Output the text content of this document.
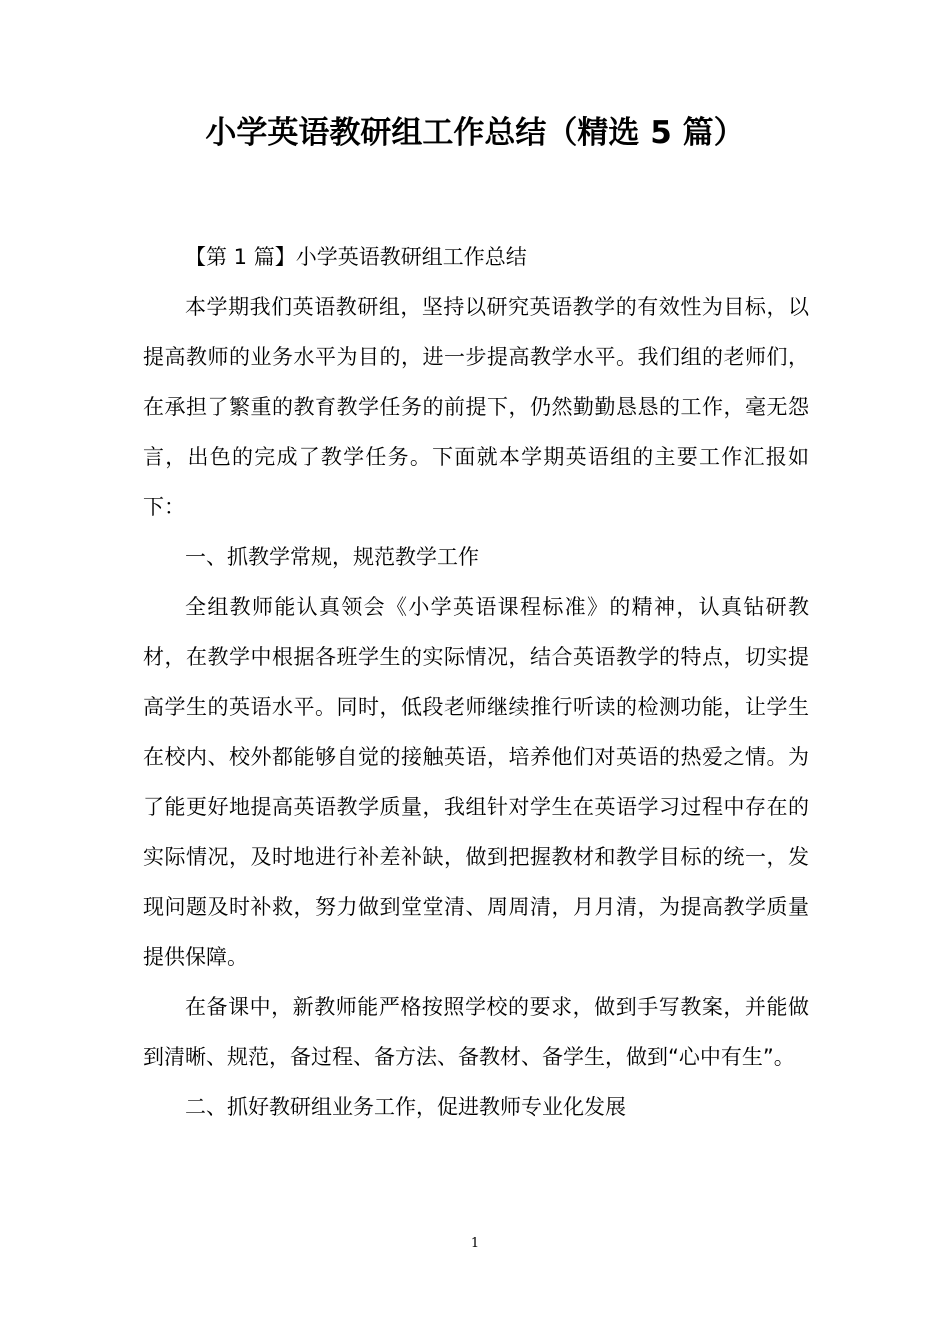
小学英语教研组工作总结（精选 5 篇）

【第 1 篇】小学英语教研组工作总结

本学期我们英语教研组，坚持以研究英语教学的有效性为目标，以提高教师的业务水平为目的，进一步提高教学水平。我们组的老师们，在承担了繁重的教育教学任务的前提下，仍然勤勤恳恳的工作，毫无怨言，出色的完成了教学任务。下面就本学期英语组的主要工作汇报如下：

一、抓教学常规，规范教学工作

全组教师能认真领会《小学英语课程标准》的精神，认真钻研教材，在教学中根据各班学生的实际情况，结合英语教学的特点，切实提高学生的英语水平。同时，低段老师继续推行听读的检测功能，让学生在校内、校外都能够自觉的接触英语，培养他们对英语的热爱之情。为了能更好地提高英语教学质量，我组针对学生在英语学习过程中存在的实际情况，及时地进行补差补缺，做到把握教材和教学目标的统一，发现问题及时补救，努力做到堂堂清、周周清，月月清，为提高教学质量提供保障。

在备课中，新教师能严格按照学校的要求，做到手写教案，并能做到清晰、规范，备过程、备方法、备教材、备学生，做到“心中有生”。

二、抓好教研组业务工作，促进教师专业化发展

1
